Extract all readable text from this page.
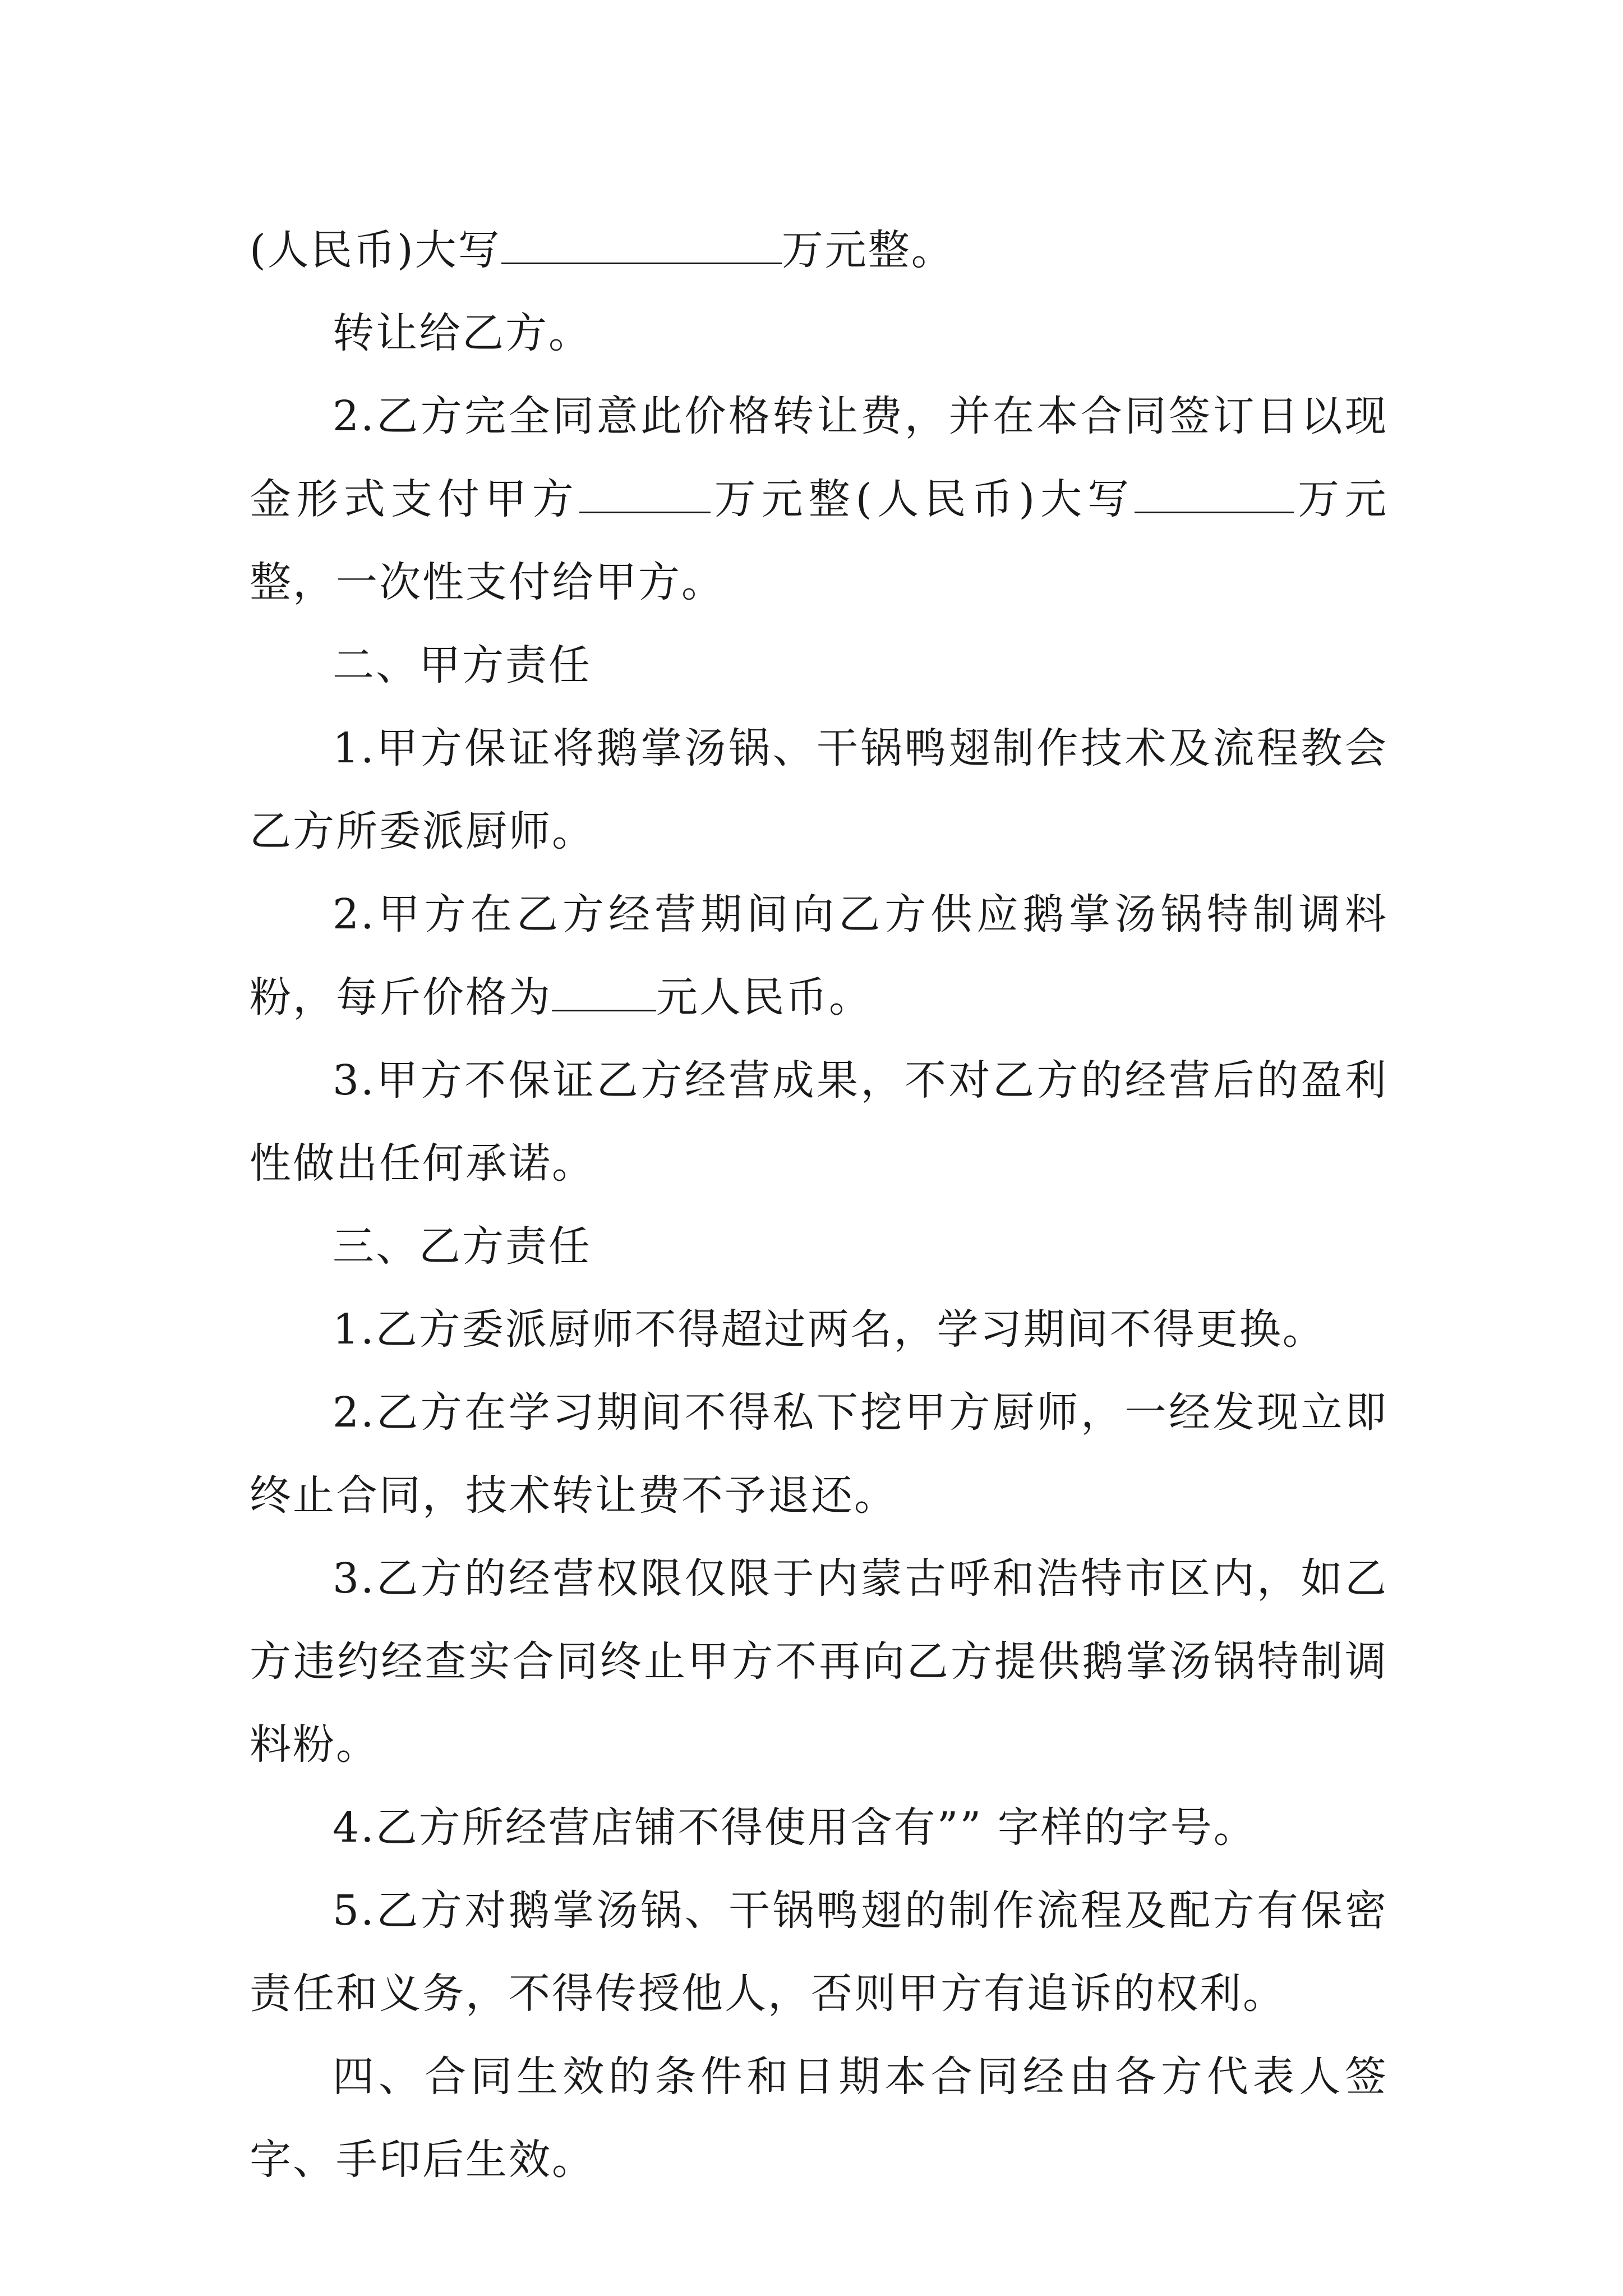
(人民币)大写	万元整。

转让给乙方。

2.乙方完全同意此价格转让费，并在本合同签订日以现金形式支付甲方	万元整(人民币)大写	万元整，一次性支付给甲方。

二、甲方责任

1.甲方保证将鹅掌汤锅、干锅鸭翅制作技术及流程教会乙方所委派厨师。

2.甲方在乙方经营期间向乙方供应鹅掌汤锅特制调料粉，每斤价格为	元人民币。

3.甲方不保证乙方经营成果，不对乙方的经营后的盈利性做出任何承诺。

三、乙方责任

1.乙方委派厨师不得超过两名，学习期间不得更换。

2.乙方在学习期间不得私下挖甲方厨师，一经发现立即终止合同，技术转让费不予退还。

3.乙方的经营权限仅限于内蒙古呼和浩特市区内，如乙方违约经查实合同终止甲方不再向乙方提供鹅掌汤锅特制调料粉。

4.乙方所经营店铺不得使用含有”” 字样的字号。

5.乙方对鹅掌汤锅、干锅鸭翅的制作流程及配方有保密责任和义务，不得传授他人，否则甲方有追诉的权利。

四、合同生效的条件和日期本合同经由各方代表人签字、手印后生效。
